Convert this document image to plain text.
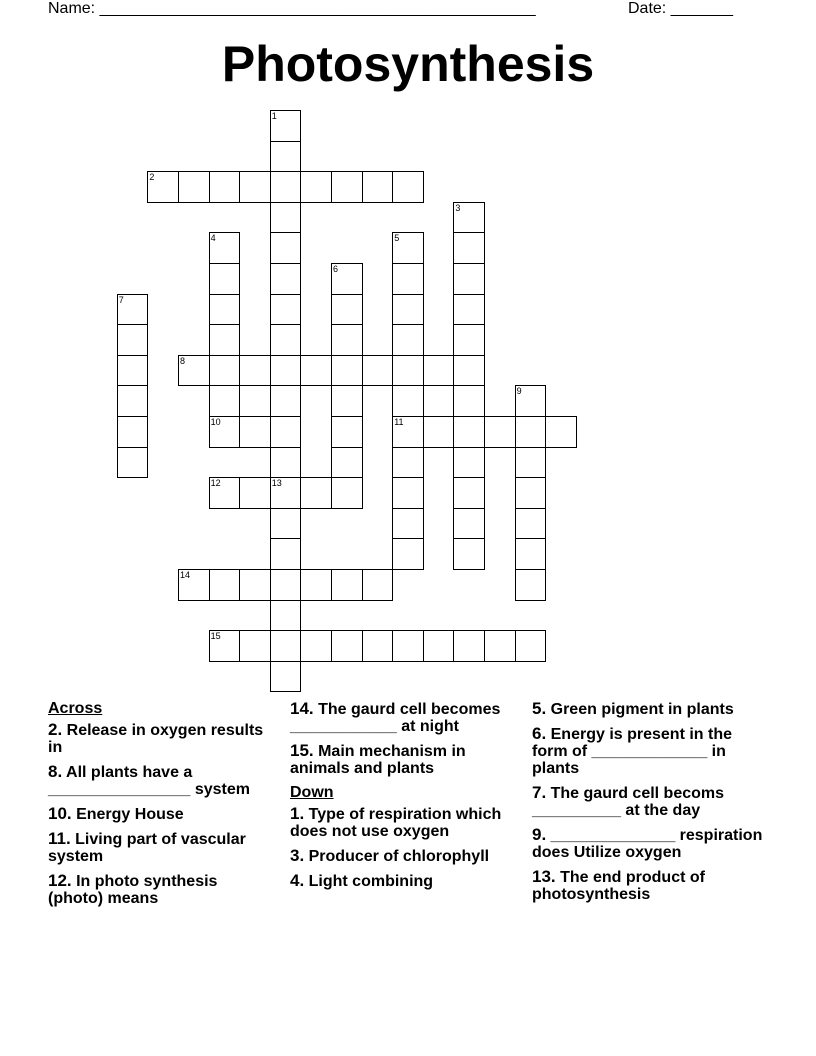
Name: _________________________________________________	Date: _______
Photosynthesis
1
2
3
4	5
6
7
8
9
10	11
12	13
14
15
Across
2. Release in oxygen results in
8. All plants have a ________________ system
10. Energy House
11. Living part of vascular system
12. In photo synthesis (photo) means
14. The gaurd cell becomes ____________ at night
15. Main mechanism in animals and plants
Down
1. Type of respiration which does not use oxygen
3. Producer of chlorophyll
4. Light combining
5. Green pigment in plants
6. Energy is present in the form of _____________ in plants
7. The gaurd cell becoms __________ at the day
9. ______________ respiration does Utilize oxygen
13. The end product of photosynthesis
